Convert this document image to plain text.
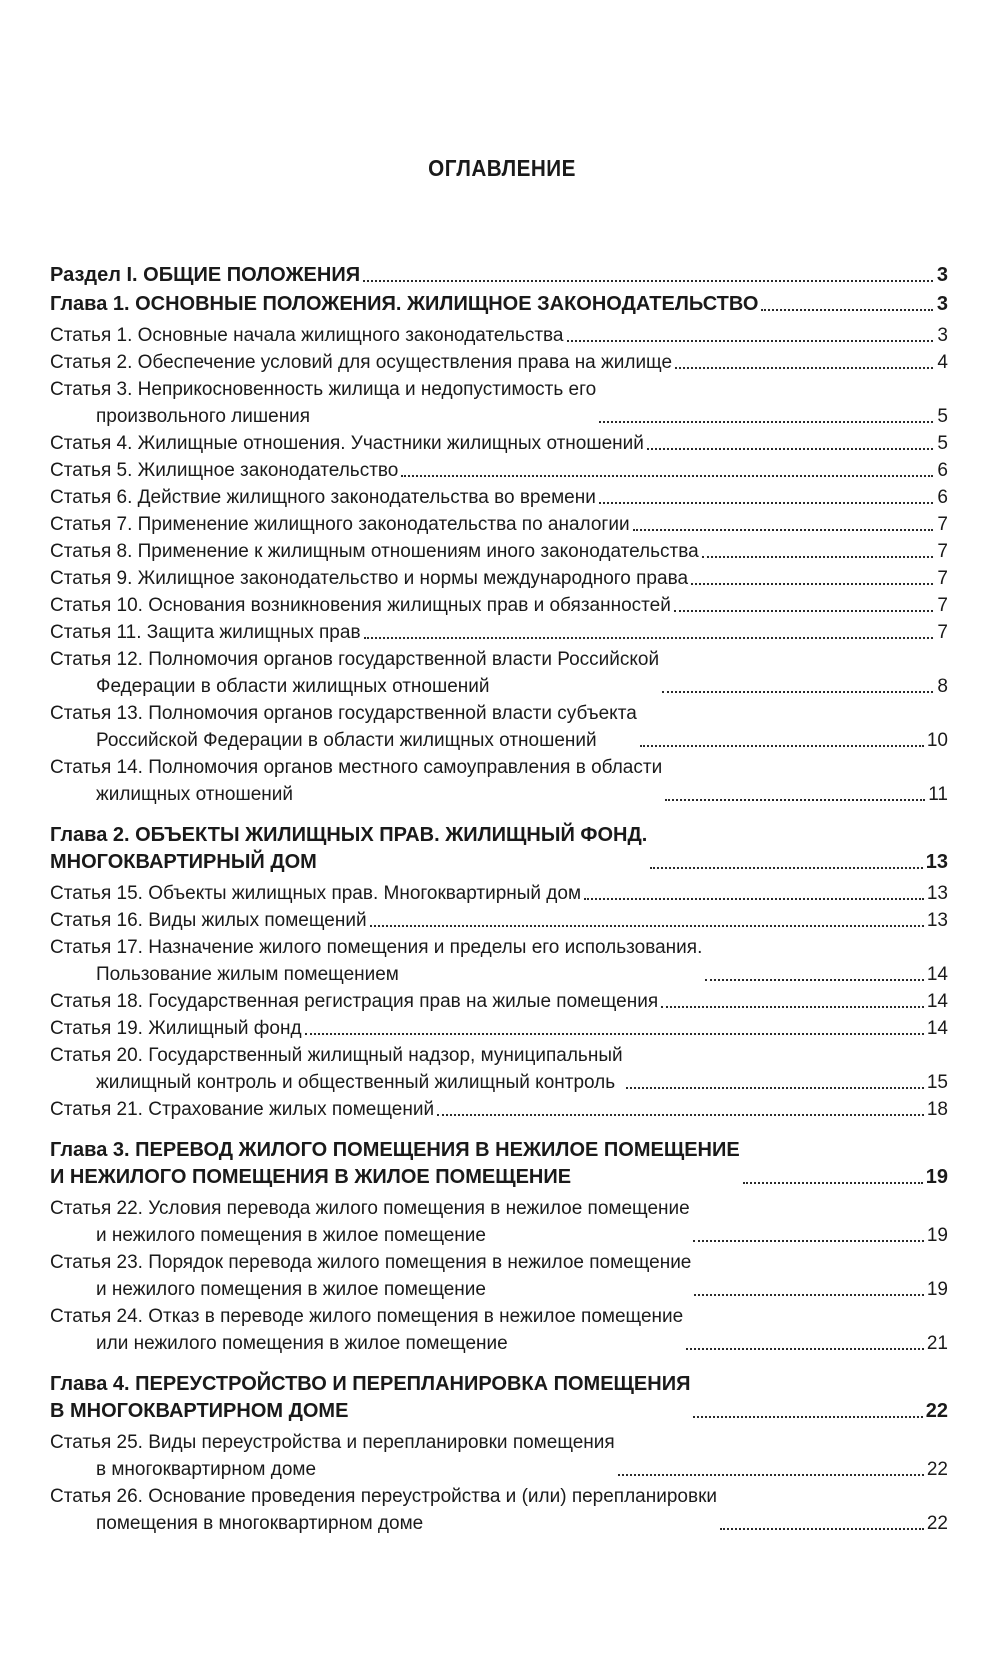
ОГЛАВЛЕНИЕ
Раздел I. ОБЩИЕ ПОЛОЖЕНИЯ	3
Глава 1. ОСНОВНЫЕ ПОЛОЖЕНИЯ. ЖИЛИЩНОЕ ЗАКОНОДАТЕЛЬСТВО	3
Статья 1. Основные начала жилищного законодательства	3
Статья 2. Обеспечение условий для осуществления права на жилище	4
Статья 3. Неприкосновенность жилища и недопустимость его
произвольного лишения	5
Статья 4. Жилищные отношения. Участники жилищных отношений	5
Статья 5. Жилищное законодательство	6
Статья 6. Действие жилищного законодательства во времени	6
Статья 7. Применение жилищного законодательства по аналогии	7
Статья 8. Применение к жилищным отношениям иного законодательства	7
Статья 9. Жилищное законодательство и нормы международного права	7
Статья 10. Основания возникновения жилищных прав и обязанностей	7
Статья 11. Защита жилищных прав	7
Статья 12. Полномочия органов государственной власти Российской
Федерации в области жилищных отношений	8
Статья 13. Полномочия органов государственной власти субъекта
Российской Федерации в области жилищных отношений	10
Статья 14. Полномочия органов местного самоуправления в области
жилищных отношений	11
Глава 2. ОБЪЕКТЫ ЖИЛИЩНЫХ ПРАВ. ЖИЛИЩНЫЙ ФОНД.
МНОГОКВАРТИРНЫЙ ДОМ	13
Статья 15. Объекты жилищных прав. Многоквартирный дом	13
Статья 16. Виды жилых помещений	13
Статья 17. Назначение жилого помещения и пределы его использования.
Пользование жилым помещением	14
Статья 18. Государственная регистрация прав на жилые помещения	14
Статья 19. Жилищный фонд	14
Статья 20. Государственный жилищный надзор, муниципальный
жилищный контроль и общественный жилищный контроль	15
Статья 21. Страхование жилых помещений	18
Глава 3. ПЕРЕВОД ЖИЛОГО ПОМЕЩЕНИЯ В НЕЖИЛОЕ ПОМЕЩЕНИЕ
И НЕЖИЛОГО ПОМЕЩЕНИЯ В ЖИЛОЕ ПОМЕЩЕНИЕ	19
Статья 22. Условия перевода жилого помещения в нежилое помещение
и нежилого помещения в жилое помещение	19
Статья 23. Порядок перевода жилого помещения в нежилое помещение
и нежилого помещения в жилое помещение	19
Статья 24. Отказ в переводе жилого помещения в нежилое помещение
или нежилого помещения в жилое помещение	21
Глава 4. ПЕРЕУСТРОЙСТВО И ПЕРЕПЛАНИРОВКА ПОМЕЩЕНИЯ
В МНОГОКВАРТИРНОМ ДОМЕ	22
Статья 25. Виды переустройства и перепланировки помещения
в многоквартирном доме	22
Статья 26. Основание проведения переустройства и (или) перепланировки
помещения в многоквартирном доме	22
